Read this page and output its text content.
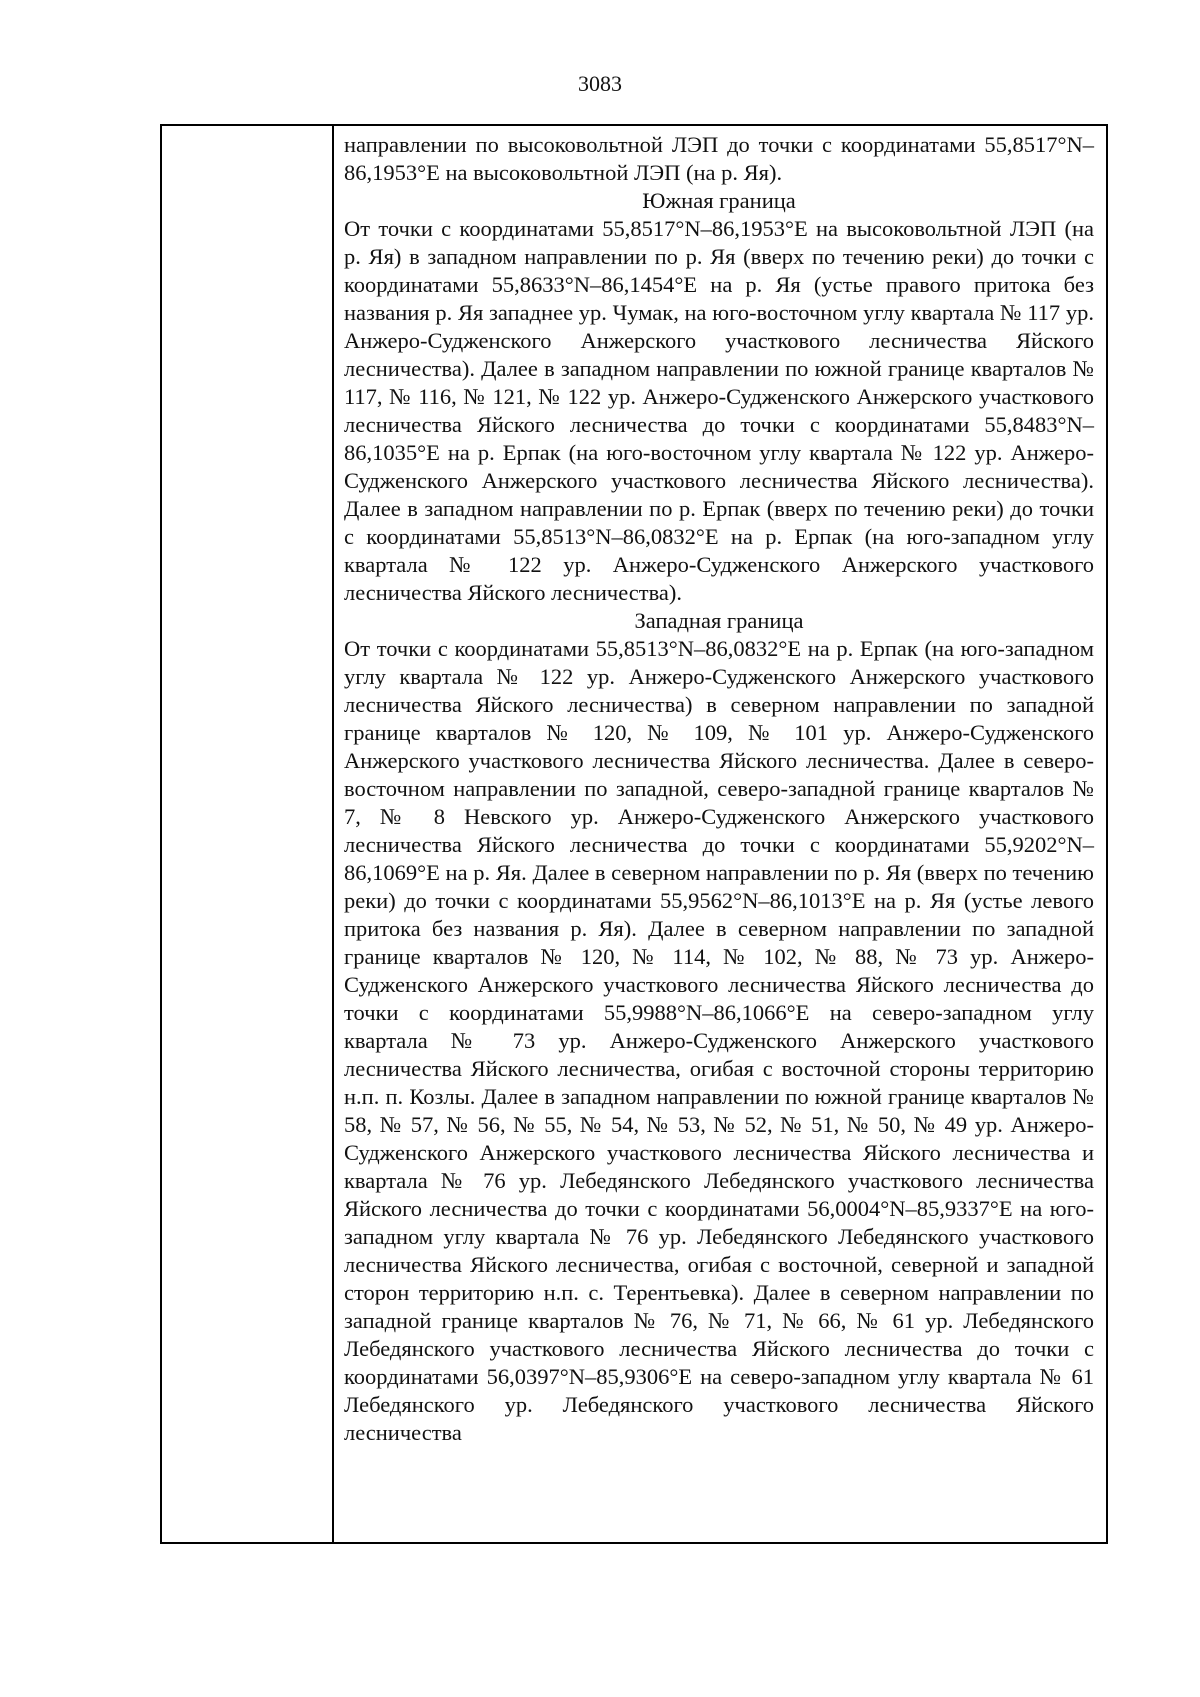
3083

направлении по высоковольтной ЛЭП до точки с координатами 55,8517°N–86,1953°E на высоковольтной ЛЭП (на р. Яя).

Южная граница

От точки с координатами 55,8517°N–86,1953°E на высоковольтной ЛЭП (на р. Яя) в западном направлении по р. Яя (вверх по течению реки) до точки с координатами 55,8633°N–86,1454°E на р. Яя (устье правого притока без названия р. Яя западнее ур. Чумак, на юго-восточном углу квартала № 117 ур. Анжеро-Судженского Анжерского участкового лесничества Яйского лесничества). Далее в западном направлении по южной границе кварталов № 117, № 116, № 121, № 122 ур. Анжеро-Судженского Анжерского участкового лесничества Яйского лесничества до точки с координатами 55,8483°N–86,1035°E на р. Ерпак (на юго-восточном углу квартала № 122 ур. Анжеро-Судженского Анжерского участкового лесничества Яйского лесничества). Далее в западном направлении по р. Ерпак (вверх по течению реки) до точки с координатами 55,8513°N–86,0832°E на р. Ерпак (на юго-западном углу квартала № 122 ур. Анжеро-Судженского Анжерского участкового лесничества Яйского лесничества).

Западная граница

От точки с координатами 55,8513°N–86,0832°E на р. Ерпак (на юго-западном углу квартала № 122 ур. Анжеро-Судженского Анжерского участкового лесничества Яйского лесничества) в северном направлении по западной границе кварталов № 120, № 109, № 101 ур. Анжеро-Судженского Анжерского участкового лесничества Яйского лесничества. Далее в северо-восточном направлении по западной, северо-западной границе кварталов № 7, № 8 Невского ур. Анжеро-Судженского Анжерского участкового лесничества Яйского лесничества до точки с координатами 55,9202°N–86,1069°E на р. Яя. Далее в северном направлении по р. Яя (вверх по течению реки) до точки с координатами 55,9562°N–86,1013°E на р. Яя (устье левого притока без названия р. Яя). Далее в северном направлении по западной границе кварталов № 120, № 114, № 102, № 88, № 73 ур. Анжеро-Судженского Анжерского участкового лесничества Яйского лесничества до точки с координатами 55,9988°N–86,1066°E на северо-западном углу квартала № 73 ур. Анжеро-Судженского Анжерского участкового лесничества Яйского лесничества, огибая с восточной стороны территорию н.п. п. Козлы. Далее в западном направлении по южной границе кварталов № 58, № 57, № 56, № 55, № 54, № 53, № 52, № 51, № 50, № 49 ур. Анжеро-Судженского Анжерского участкового лесничества Яйского лесничества и квартала № 76 ур. Лебедянского Лебедянского участкового лесничества Яйского лесничества до точки с координатами 56,0004°N–85,9337°E на юго-западном углу квартала № 76 ур. Лебедянского Лебедянского участкового лесничества Яйского лесничества, огибая с восточной, северной и западной сторон территорию н.п. с. Терентьевка). Далее в северном направлении по западной границе кварталов № 76, № 71, № 66, № 61 ур. Лебедянского Лебедянского участкового лесничества Яйского лесничества до точки с координатами 56,0397°N–85,9306°E на северо-западном углу квартала № 61 Лебедянского ур. Лебедянского участкового лесничества Яйского лесничества
